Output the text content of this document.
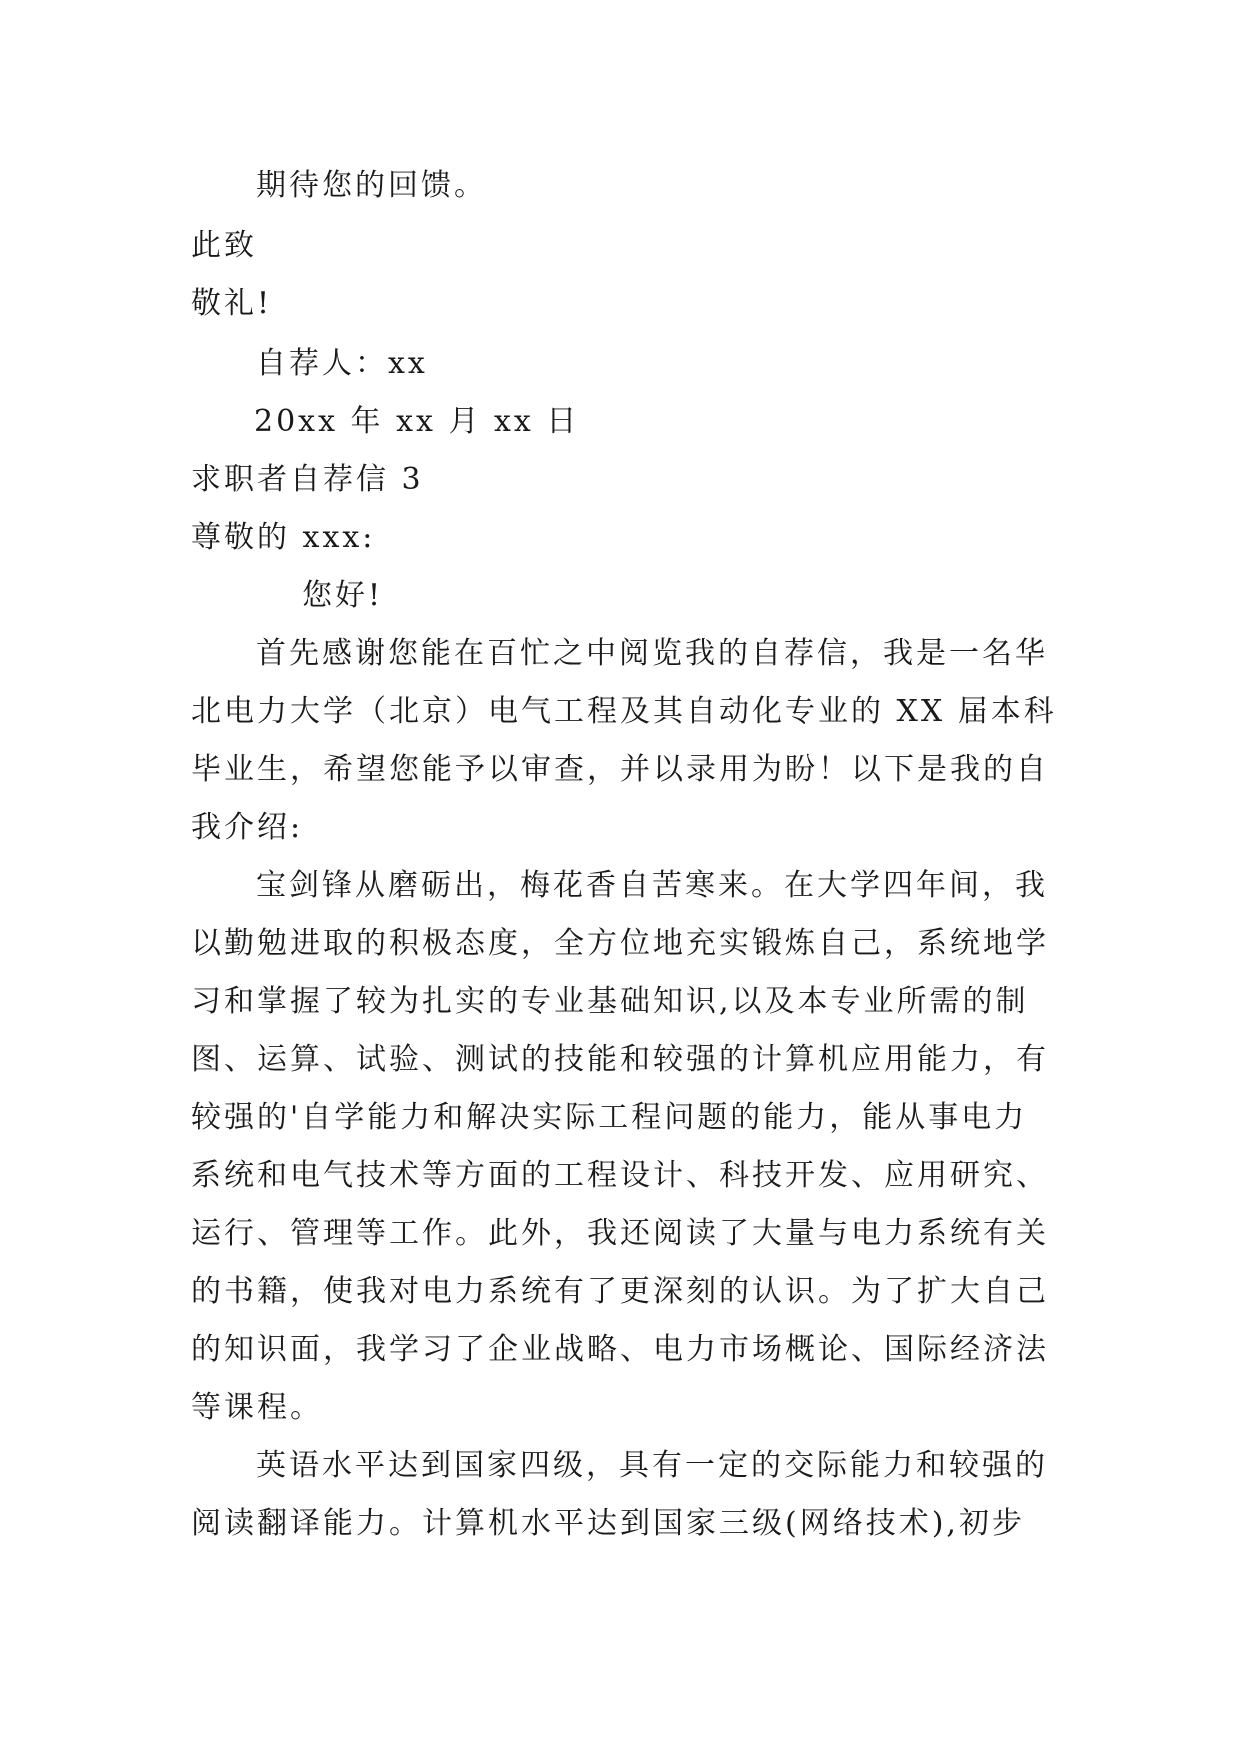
期待您的回馈。
此致
敬礼!
自荐人：xx
20xx 年 xx 月 xx 日
求职者自荐信 3
尊敬的 xxx:
您好!
首先感谢您能在百忙之中阅览我的自荐信，我是一名华
北电力大学（北京）电气工程及其自动化专业的 XX 届本科
毕业生，希望您能予以审查，并以录用为盼！以下是我的自
我介绍:
宝剑锋从磨砺出，梅花香自苦寒来。在大学四年间，我
以勤勉进取的积极态度，全方位地充实锻炼自己，系统地学
习和掌握了较为扎实的专业基础知识,以及本专业所需的制
图、运算、试验、测试的技能和较强的计算机应用能力，有
较强的'自学能力和解决实际工程问题的能力，能从事电力
系统和电气技术等方面的工程设计、科技开发、应用研究、
运行、管理等工作。此外，我还阅读了大量与电力系统有关
的书籍，使我对电力系统有了更深刻的认识。为了扩大自己
的知识面，我学习了企业战略、电力市场概论、国际经济法
等课程。
英语水平达到国家四级，具有一定的交际能力和较强的
阅读翻译能力。计算机水平达到国家三级(网络技术),初步
